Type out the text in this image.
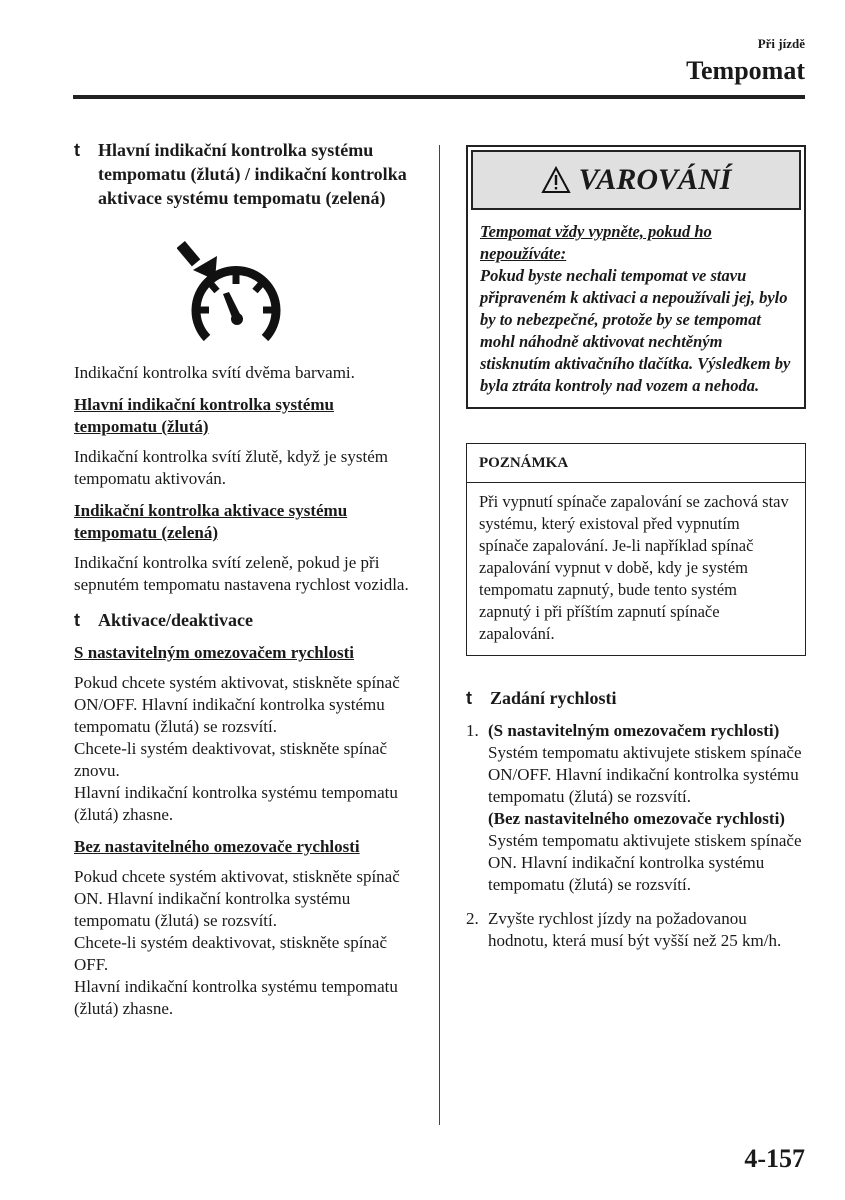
Při jízdě
Tempomat
t	Hlavní indikační kontrolka systému tempomatu (žlutá) / indikační kontrolka aktivace systému tempomatu (zelená)
Indikační kontrolka svítí dvěma barvami.
Hlavní indikační kontrolka systému tempomatu (žlutá)
Indikační kontrolka svítí žlutě, když je systém tempomatu aktivován.
Indikační kontrolka aktivace systému tempomatu (zelená)
Indikační kontrolka svítí zeleně, pokud je při sepnutém tempomatu nastavena rychlost vozidla.
t	Aktivace/deaktivace
S nastavitelným omezovačem rychlosti
Pokud chcete systém aktivovat, stiskněte spínač ON/OFF. Hlavní indikační kontrolka systému tempomatu (žlutá) se rozsvítí.
Chcete-li systém deaktivovat, stiskněte spínač znovu.
Hlavní indikační kontrolka systému tempomatu (žlutá) zhasne.
Bez nastavitelného omezovače rychlosti
Pokud chcete systém aktivovat, stiskněte spínač ON. Hlavní indikační kontrolka systému tempomatu (žlutá) se rozsvítí.
Chcete-li systém deaktivovat, stiskněte spínač OFF.
Hlavní indikační kontrolka systému tempomatu (žlutá) zhasne.
VAROVÁNÍ
Tempomat vždy vypněte, pokud ho nepoužíváte:
Pokud byste nechali tempomat ve stavu připraveném k aktivaci a nepoužívali jej, bylo by to nebezpečné, protože by se tempomat mohl náhodně aktivovat nechtěným stisknutím aktivačního tlačítka. Výsledkem by byla ztráta kontroly nad vozem a nehoda.
POZNÁMKA
Při vypnutí spínače zapalování se zachová stav systému, který existoval před vypnutím spínače zapalování. Je-li například spínač zapalování vypnut v době, kdy je systém tempomatu zapnutý, bude tento systém zapnutý i při příštím zapnutí spínače zapalování.
t	Zadání rychlosti
1. (S nastavitelným omezovačem rychlosti)
Systém tempomatu aktivujete stiskem spínače ON/OFF. Hlavní indikační kontrolka systému tempomatu (žlutá) se rozsvítí.
(Bez nastavitelného omezovače rychlosti)
Systém tempomatu aktivujete stiskem spínače ON. Hlavní indikační kontrolka systému tempomatu (žlutá) se rozsvítí.
2. Zvyšte rychlost jízdy na požadovanou hodnotu, která musí být vyšší než 25 km/h.
4-157
